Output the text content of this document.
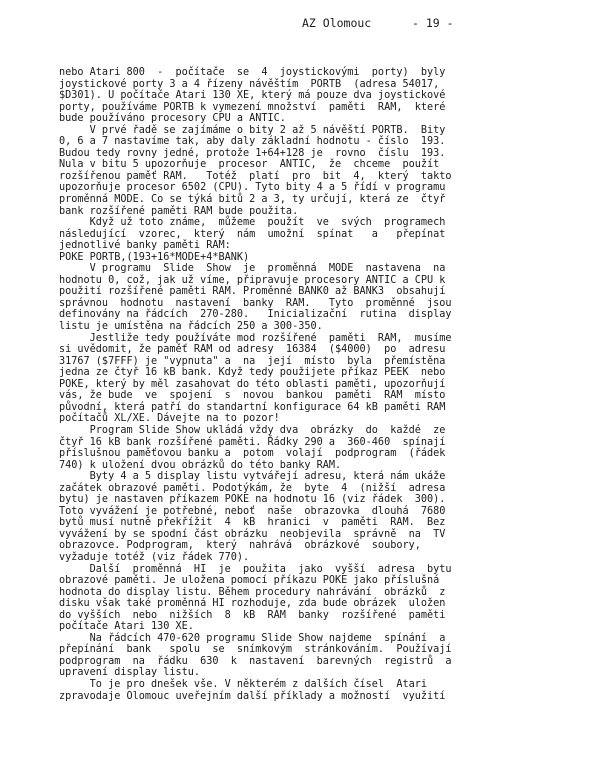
AZ Olomouc	- 19 -
nebo Atari 800  -  počítače  se  4  joystickovými  porty)  byly
joystickové porty 3 a 4 řízeny návěštím  PORTB  (adresa 54017,
$D301). U počítače Atari 130 XE, který má pouze dva joystickové
porty, používáme PORTB k vymezení množství  paměti  RAM,  které
bude používáno procesory CPU a ANTIC.
V prvé řadě se zajímáme o bity 2 až 5 návěští PORTB.  Bity
0, 6 a 7 nastavíme tak, aby daly základní hodnotu - číslo  193.
Budou tedy rovny jedné, protože 1+64+128 je  rovno  číslu  193.
Nula v bitu 5 upozorňuje  procesor  ANTIC,  že  chceme  použít
rozšířenou paměť RAM.   Totéž  platí  pro  bit  4,  který  takto
upozorňuje procesor 6502 (CPU). Tyto bity 4 a 5 řídí v programu
proměnná MODE. Co se týká bitů 2 a 3, ty určují, která ze  čtyř
bank rozšířené paměti RAM bude použita.
Když už toto známe,  můžeme  použít  ve  svých  programech
následující  vzorec,  který  nám  umožní  spínat   a   přepínat
jednotlivé banky paměti RAM:
POKE PORTB,(193+16*MODE+4*BANK)
V programu  Slide  Show  je  proměnná  MODE  nastavena  na
hodnotu 0, což, jak už víme, připravuje procesory ANTIC a CPU k
použití rozšířené paměti RAM. Proměnné BANK0 až BANK3  obsahují
správnou  hodnotu  nastavení  banky  RAM.   Tyto  proměnné  jsou
definovány na řádcích  270-280.   Inicializační  rutina  display
listu je umístěna na řádcích 250 a 300-350.
Jestliže tedy používáte mod rozšířené  paměti  RAM,  musíme
si uvědomit, že paměť RAM od adresy  16384  ($4000)  po  adresu
31767 ($7FFF) je "vypnuta" a  na  její  místo  byla  přemístěna
jedna ze čtyř 16 kB bank. Když tedy použijete příkaz PEEK  nebo
POKE, který by měl zasahovat do této oblasti paměti, upozorňují
vás, že bude  ve  spojení  s  novou  bankou  paměti  RAM  místo
původní, která patří do standartní konfigurace 64 kB paměti RAM
počítačů XL/XE. Dávejte na to pozor!
Program Slide Show ukládá vždy dva  obrázky  do  každé  ze
čtyř 16 kB bank rozšířené paměti. Řádky 290 a  360-460  spínají
příslušnou paměťovou banku a  potom  volají  podprogram  (řádek
740) k uložení dvou obrázků do této banky RAM.
Byty 4 a 5 display listu vytvářejí adresu, která nám ukáže
začátek obrazové paměti. Podotýkám, že  byte  4  (nižší  adresa
bytu) je nastaven příkazem POKE na hodnotu 16 (viz řádek  300).
Toto vyvážení je potřebné, neboť  naše  obrazovka  dlouhá  7680
bytů musí nutně překřížit  4  kB  hranici  v  paměti  RAM.  Bez
vyvážení by se spodní část obrázku  neobjevila  správně  na  TV
obrazovce. Podprogram,  který  nahrává  obrázkové  soubory,
vyžaduje totéž (viz řádek 770).
Další  proměnná  HI  je  použita  jako  vyšší  adresa  bytu
obrazové paměti. Je uložena pomocí příkazu POKE jako příslušná
hodnota do display listu. Během procedury nahrávání  obrázků  z
disku však také proměnná HI rozhoduje, zda bude obrázek  uložen
do vyšších  nebo  nižších  8  kB  RAM  banky  rozšířené  paměti
počítače Atari 130 XE.
Na řádcích 470-620 programu Slide Show najdeme  spínání  a
přepínání  bank   spolu  se  snímkovým  stránkováním.  Používají
podprogram  na  řádku  630  k  nastavení  barevných  registrů  a
upravení display listu.
To je pro dnešek vše. V některém z dalších čísel  Atari
zpravodaje Olomouc uveřejním další příklady a možností  využití
